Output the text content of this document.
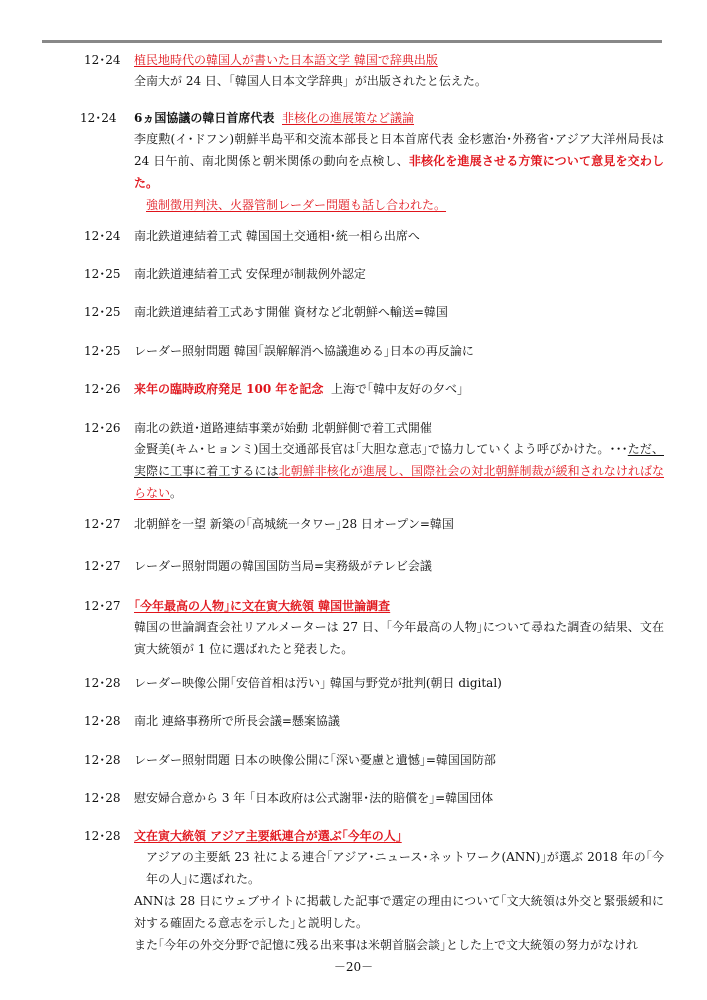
12･24	植民地時代の韓国人が書いた日本語文学 韓国で辞典出版

全南大が 24 日、「韓国人日本文学辞典」が出版されたと伝えた。

12･24	6ヵ国協議の韓日首席代表 非核化の進展策など議論

李度勲(イ･ドフン)朝鮮半島平和交流本部長と日本首席代表 金杉憲治･外務省･アジア大洋州局長は 24 日午前、南北関係と朝米関係の動向を点検し、非核化を進展させる方策について意見を交わした。

強制徴用判決、火器管制レーダー問題も話し合われた。

12･24	南北鉄道連結着工式 韓国国土交通相･統一相ら出席へ
12･25	南北鉄道連結着工式 安保理が制裁例外認定
12･25	南北鉄道連結着工式あす開催 資材など北朝鮮へ輸送=韓国
12･25	レーダー照射問題 韓国｢誤解解消へ協議進める｣日本の再反論に
12･26	来年の臨時政府発足 100 年を記念 上海で｢韓中友好の夕べ｣
12･26	南北の鉄道･道路連結事業が始動 北朝鮮側で着工式開催

金賢美(キム･ヒョンミ)国土交通部長官は｢大胆な意志｣で協力していくよう呼びかけた。･･･ただ、実際に工事に着工するには北朝鮮非核化が進展し、国際社会の対北朝鮮制裁が緩和されなければならない。

12･27	北朝鮮を一望 新築の｢高城統一タワー｣28 日オープン=韓国
12･27	レーダー照射問題の韓国国防当局=実務級がテレビ会議
12･27	｢今年最高の人物｣に文在寅大統領 韓国世論調査

韓国の世論調査会社リアルメーターは 27 日、｢今年最高の人物｣について尋ねた調査の結果、文在寅大統領が 1 位に選ばれたと発表した。

12･28	レーダー映像公開｢安倍首相は汚い｣ 韓国与野党が批判(朝日 digital)
12･28	南北 連絡事務所で所長会議=懸案協議
12･28	レーダー照射問題 日本の映像公開に｢深い憂慮と遺憾｣=韓国国防部
12･28	慰安婦合意から 3 年 ｢日本政府は公式謝罪･法的賠償を｣=韓国団体
12･28	文在寅大統領 アジア主要紙連合が選ぶ｢今年の人｣

アジアの主要紙 23 社による連合｢アジア･ニュース･ネットワーク(ANN)｣が選ぶ 2018 年の｢今年の人｣に選ばれた。

ANNは 28 日にウェブサイトに掲載した記事で選定の理由について｢文大統領は外交と緊張緩和に対する確固たる意志を示した｣と説明した。

また｢今年の外交分野で記憶に残る出来事は米朝首脳会談｣とした上で文大統領の努力がなけれ

－20－
